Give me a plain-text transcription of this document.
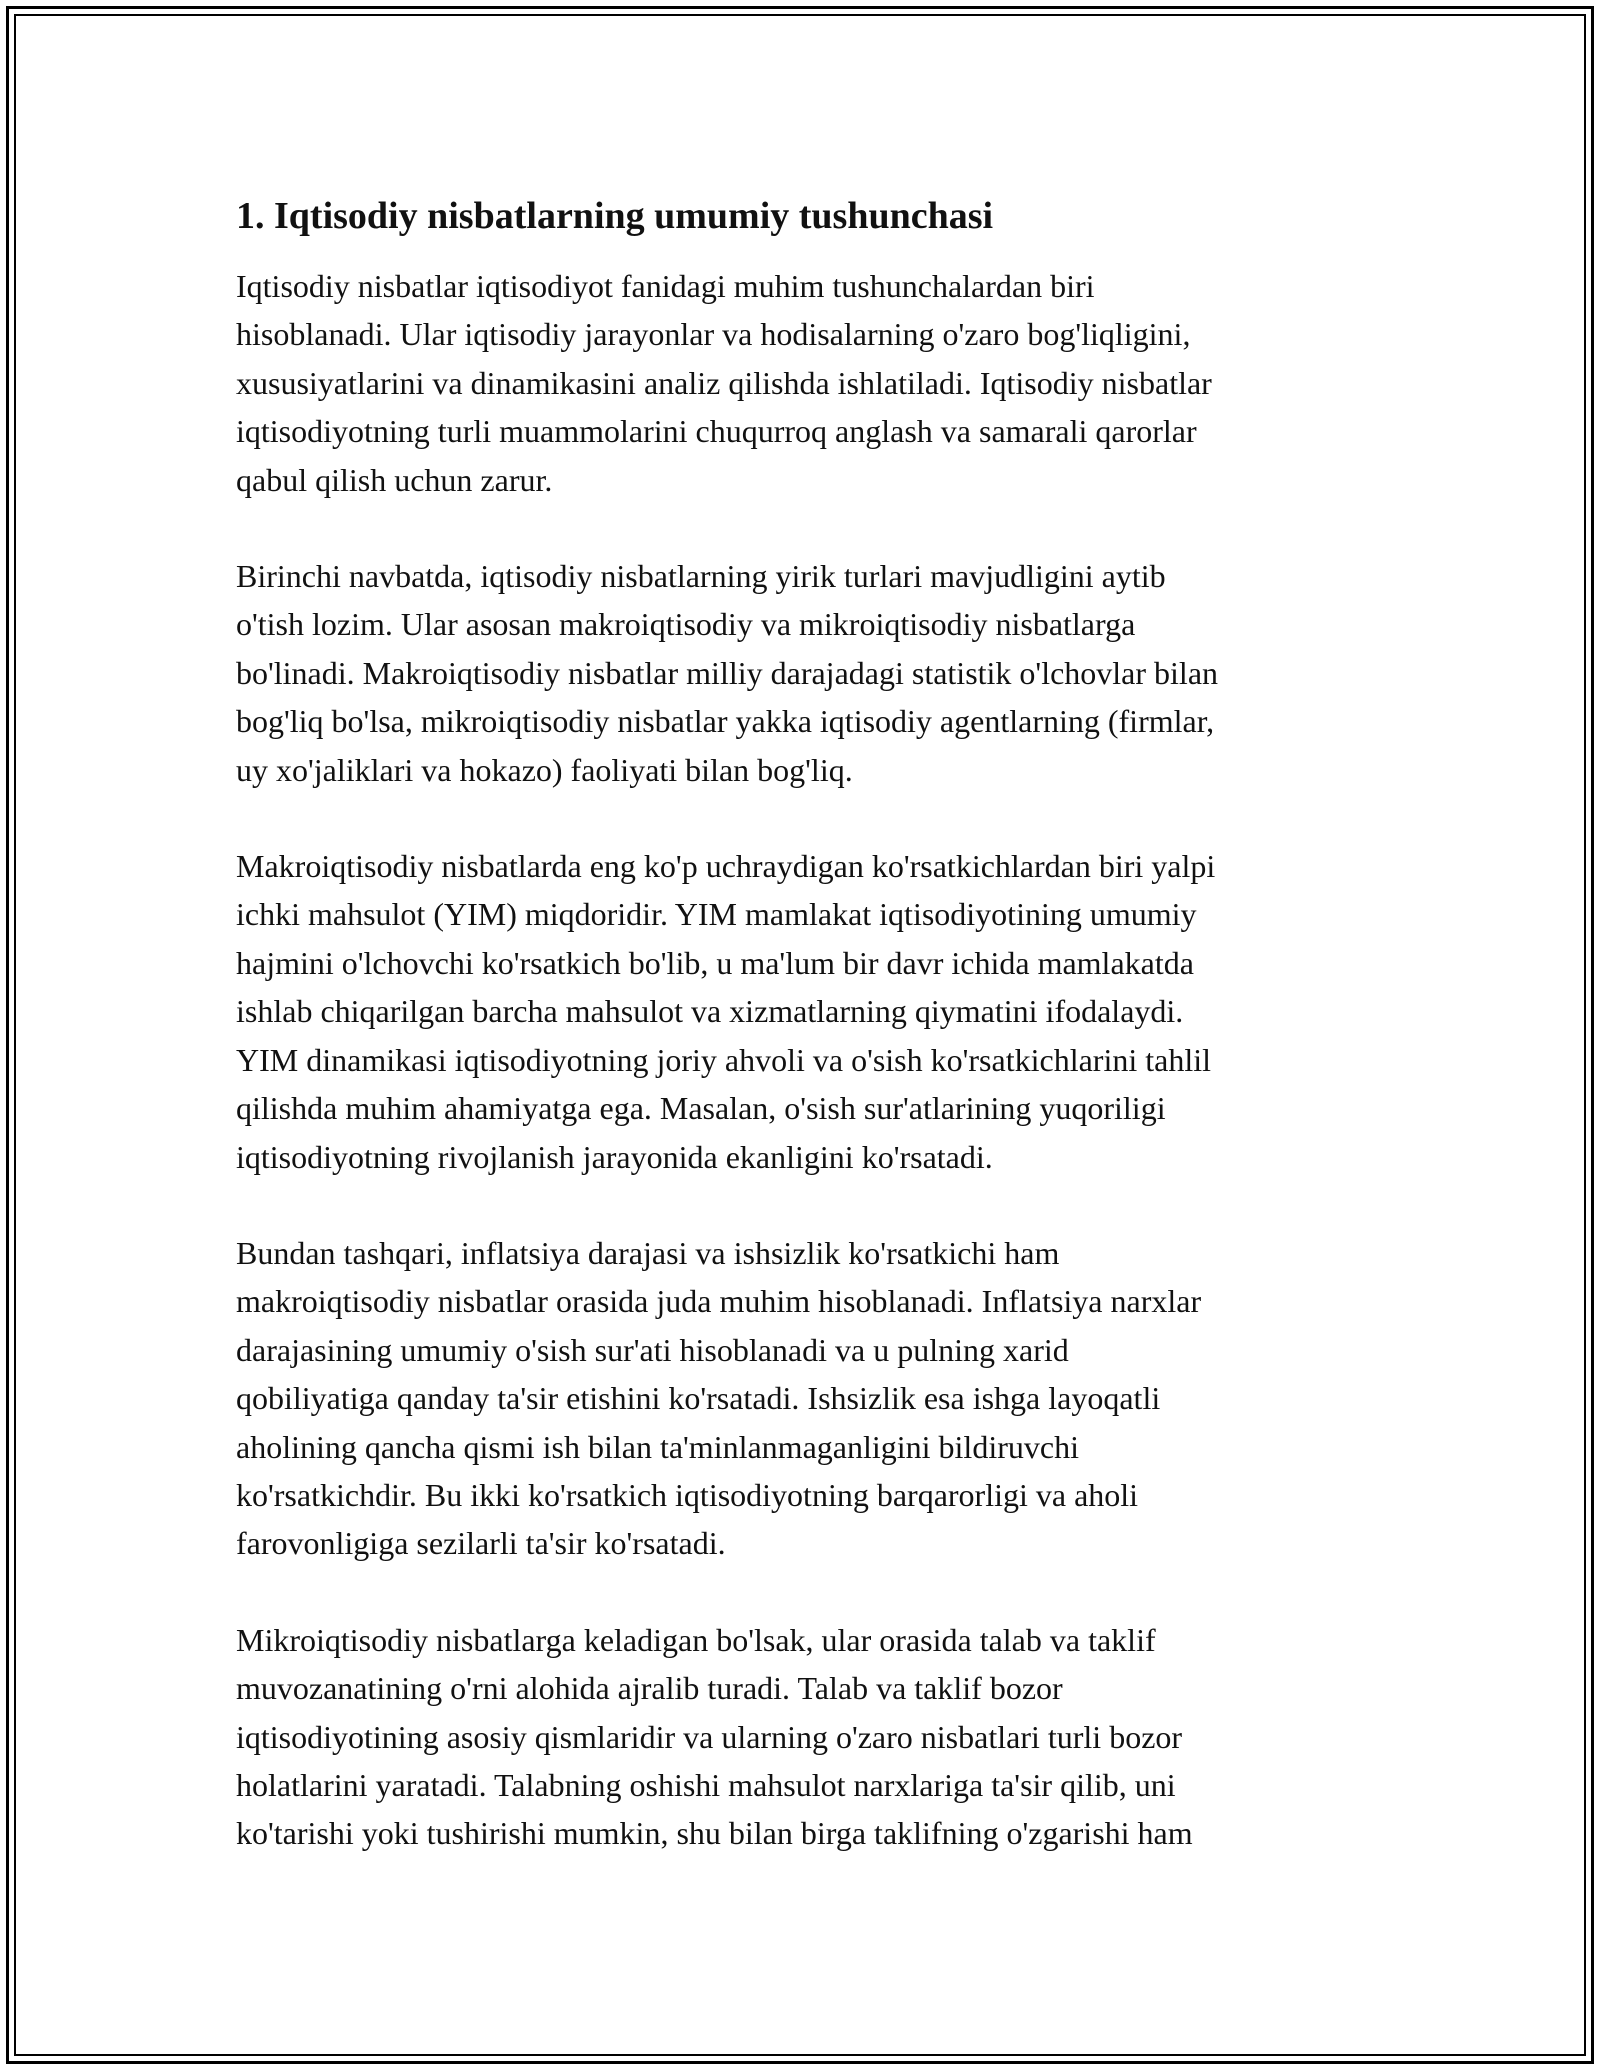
1. Iqtisodiy nisbatlarning umumiy tushunchasi

Iqtisodiy nisbatlar iqtisodiyot fanidagi muhim tushunchalardan biri
hisoblanadi. Ular iqtisodiy jarayonlar va hodisalarning o'zaro bog'liqligini,
xususiyatlarini va dinamikasini analiz qilishda ishlatiladi. Iqtisodiy nisbatlar
iqtisodiyotning turli muammolarini chuqurroq anglash va samarali qarorlar
qabul qilish uchun zarur.

Birinchi navbatda, iqtisodiy nisbatlarning yirik turlari mavjudligini aytib
o'tish lozim. Ular asosan makroiqtisodiy va mikroiqtisodiy nisbatlarga
bo'linadi. Makroiqtisodiy nisbatlar milliy darajadagi statistik o'lchovlar bilan
bog'liq bo'lsa, mikroiqtisodiy nisbatlar yakka iqtisodiy agentlarning (firmlar,
uy xo'jaliklari va hokazo) faoliyati bilan bog'liq.

Makroiqtisodiy nisbatlarda eng ko'p uchraydigan ko'rsatkichlardan biri yalpi
ichki mahsulot (YIM) miqdoridir. YIM mamlakat iqtisodiyotining umumiy
hajmini o'lchovchi ko'rsatkich bo'lib, u ma'lum bir davr ichida mamlakatda
ishlab chiqarilgan barcha mahsulot va xizmatlarning qiymatini ifodalaydi.
YIM dinamikasi iqtisodiyotning joriy ahvoli va o'sish ko'rsatkichlarini tahlil
qilishda muhim ahamiyatga ega. Masalan, o'sish sur'atlarining yuqoriligi
iqtisodiyotning rivojlanish jarayonida ekanligini ko'rsatadi.

Bundan tashqari, inflatsiya darajasi va ishsizlik ko'rsatkichi ham
makroiqtisodiy nisbatlar orasida juda muhim hisoblanadi. Inflatsiya narxlar
darajasining umumiy o'sish sur'ati hisoblanadi va u pulning xarid
qobiliyatiga qanday ta'sir etishini ko'rsatadi. Ishsizlik esa ishga layoqatli
aholining qancha qismi ish bilan ta'minlanmaganligini bildiruvchi
ko'rsatkichdir. Bu ikki ko'rsatkich iqtisodiyotning barqarorligi va aholi
farovonligiga sezilarli ta'sir ko'rsatadi.

Mikroiqtisodiy nisbatlarga keladigan bo'lsak, ular orasida talab va taklif
muvozanatining o'rni alohida ajralib turadi. Talab va taklif bozor
iqtisodiyotining asosiy qismlaridir va ularning o'zaro nisbatlari turli bozor
holatlarini yaratadi. Talabning oshishi mahsulot narxlariga ta'sir qilib, uni
ko'tarishi yoki tushirishi mumkin, shu bilan birga taklifning o'zgarishi ham
